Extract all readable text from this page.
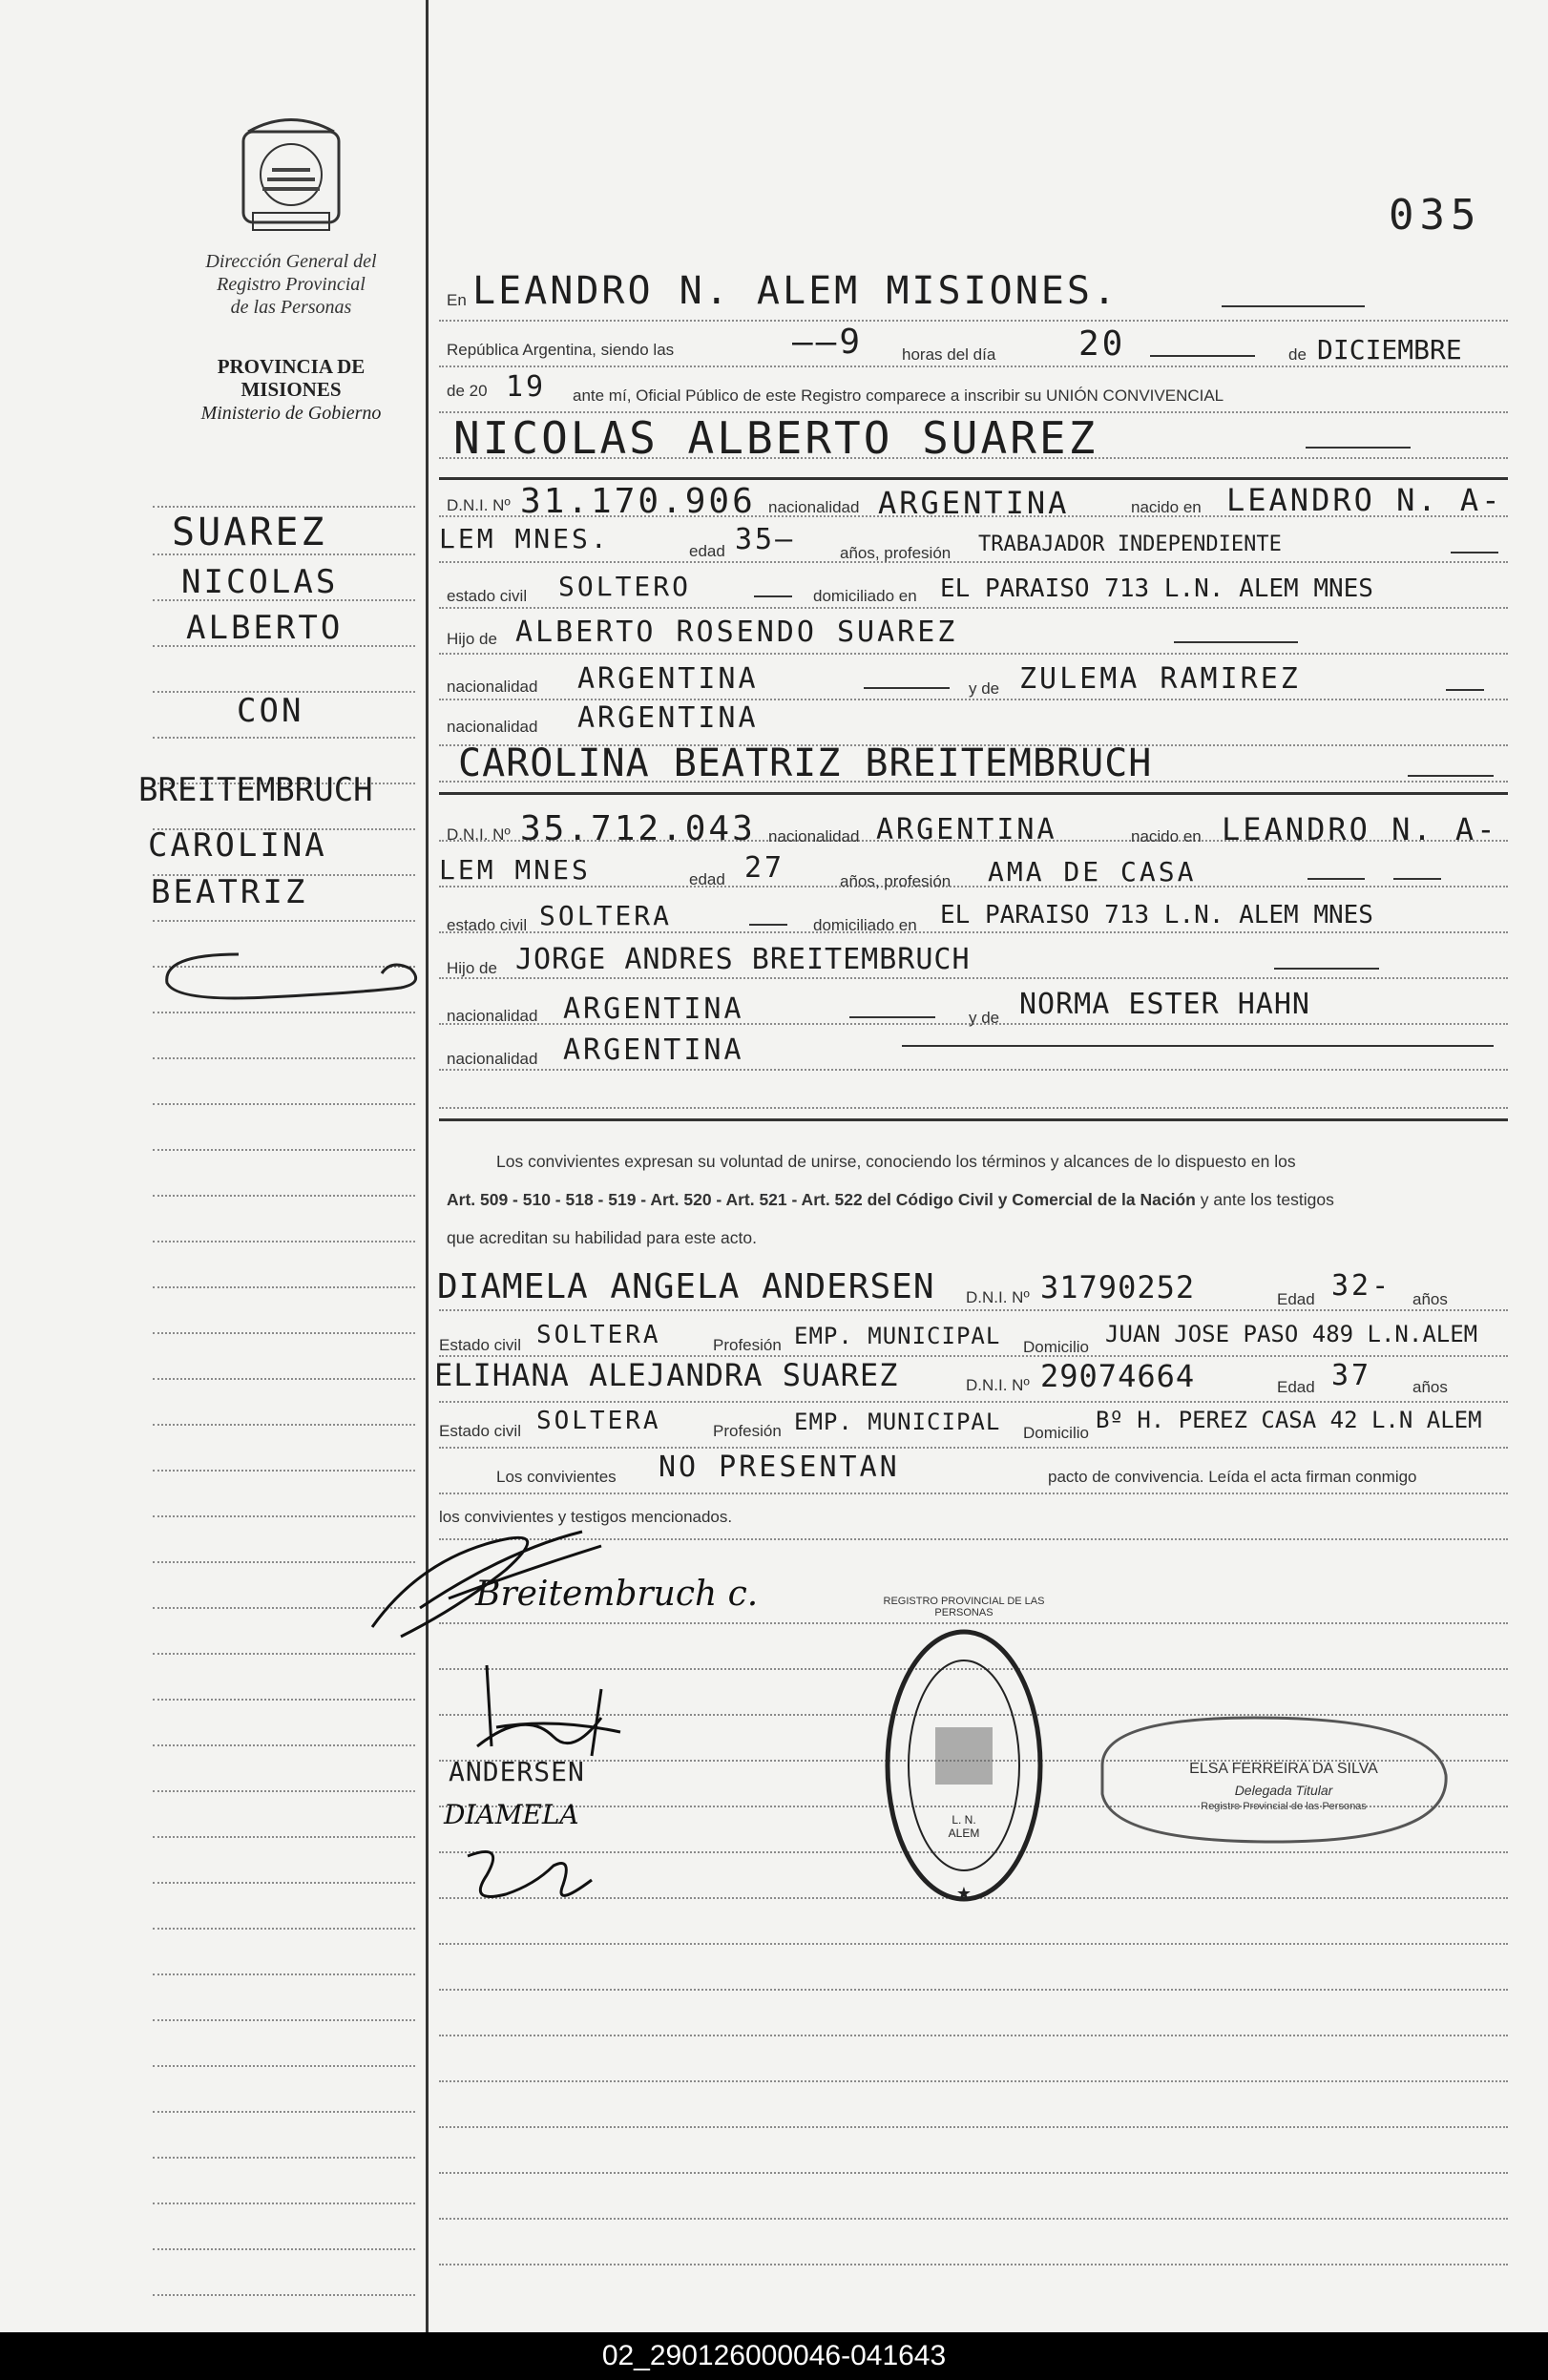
Dirección General del
Registro Provincial
de las Personas
PROVINCIA DE
MISIONES
Ministerio de Gobierno
035
SUAREZ
NICOLAS
ALBERTO
CON
BREITEMBRUCH
CAROLINA
BEATRIZ
En LEANDRO N. ALEM MISIONES.
República Argentina, siendo las	——9 horas del día 20	de DICIEMBRE
de 20 19 ante mí, Oficial Público de este Registro comparece a inscribir su UNIÓN CONVIVENCIAL
NICOLAS ALBERTO SUAREZ
D.N.I. Nº 31.170.906 nacionalidad ARGENTINA	nacido en LEANDRO N. A-
LEM MNES.	edad 35—	años, profesión TRABAJADOR INDEPENDIENTE
estado civil SOLTERO	domiciliado en EL PARAISO 713 L.N. ALEM MNES
Hijo de ALBERTO ROSENDO SUAREZ
nacionalidad ARGENTINA	y de ZULEMA RAMIREZ
nacionalidad ARGENTINA
CAROLINA BEATRIZ BREITEMBRUCH
D.N.I. Nº 35.712.043 nacionalidad ARGENTINA	nacido en LEANDRO N. A-
LEM MNES	edad 27	años, profesión AMA DE CASA
estado civil SOLTERA	domiciliado en EL PARAISO 713 L.N. ALEM MNES
Hijo de JORGE ANDRES BREITEMBRUCH
nacionalidad ARGENTINA	y de NORMA ESTER HAHN
nacionalidad ARGENTINA
Los convivientes expresan su voluntad de unirse, conociendo los términos y alcances de lo dispuesto en los
Art. 509 - 510 - 518 - 519 - Art. 520 - Art. 521 - Art. 522 del Código Civil y Comercial de la Nación y ante los testigos
que acreditan su habilidad para este acto.
DIAMELA ANGELA ANDERSEN D.N.I. Nº 31790252	Edad 32- años
Estado civil SOLTERA	Profesión EMP. MUNICIPAL Domicilio JUAN JOSE PASO 489 L.N.ALEM
ELIHANA ALEJANDRA SUAREZ	D.N.I. Nº 29074664	Edad 37	años
Estado civil SOLTERA	Profesión EMP. MUNICIPAL Domicilio Bº H. PEREZ CASA 42 L.N ALEM
Los convivientes NO PRESENTAN	pacto de convivencia. Leída el acta firman conmigo
los convivientes y testigos mencionados.
Breitembruch c.
ANDERSEN
DIAMELA
★
L. N. ALEM
REGISTRO PROVINCIAL DE LAS PERSONAS
ELSA FERREIRA DA SILVA
Delegada Titular
Registro Provincial de las Personas
02_290126000046-041643
